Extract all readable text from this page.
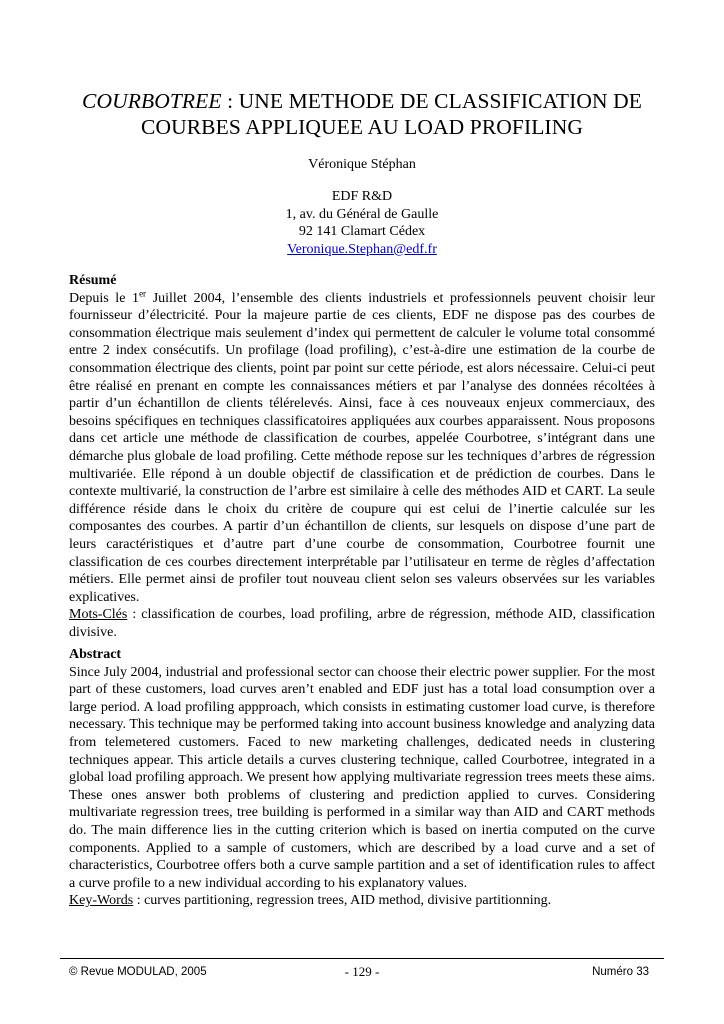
COURBOTREE : UNE METHODE DE CLASSIFICATION DE
COURBES APPLIQUEE AU LOAD PROFILING
Véronique Stéphan
EDF R&D
1, av. du Général de Gaulle
92 141 Clamart Cédex
Veronique.Stephan@edf.fr
Résumé

Depuis le 1er Juillet 2004, l’ensemble des clients industriels et professionnels peuvent choisir leur fournisseur d’électricité. Pour la majeure partie de ces clients, EDF ne dispose pas des courbes de consommation électrique mais seulement d’index qui permettent de calculer le volume total consommé entre 2 index consécutifs. Un profilage (load profiling), c’est-à-dire une estimation de la courbe de consommation électrique des clients, point par point sur cette période, est alors nécessaire. Celui-ci peut être réalisé en prenant en compte les connaissances métiers et par l’analyse des données récoltées à partir d’un échantillon de clients télérelevés. Ainsi, face à ces nouveaux enjeux commerciaux, des besoins spécifiques en techniques classificatoires appliquées aux courbes apparaissent. Nous proposons dans cet article une méthode de classification de courbes, appelée Courbotree, s’intégrant dans une démarche plus globale de load profiling. Cette méthode repose sur les techniques d’arbres de régression multivariée. Elle répond à un double objectif de classification et de prédiction de courbes. Dans le contexte multivarié, la construction de l’arbre est similaire à celle des méthodes AID et CART. La seule différence réside dans le choix du critère de coupure qui est celui de l’inertie calculée sur les composantes des courbes. A partir d’un échantillon de clients, sur lesquels on dispose d’une part de leurs caractéristiques et d’autre part d’une courbe de consommation, Courbotree fournit une classification de ces courbes directement interprétable par l’utilisateur en terme de règles d’affectation métiers. Elle permet ainsi de profiler tout nouveau client selon ses valeurs observées sur les variables explicatives.

Mots-Clés : classification de courbes, load profiling, arbre de régression, méthode AID, classification divisive.

Abstract

Since July 2004, industrial and professional sector can choose their electric power supplier. For the most part of these customers, load curves aren’t enabled and EDF just has a total load consumption over a large period. A load profiling appproach, which consists in estimating customer load curve, is therefore necessary. This technique may be performed taking into account business knowledge and analyzing data from telemetered customers. Faced to new marketing challenges, dedicated needs in clustering techniques appear. This article details a curves clustering technique, called Courbotree, integrated in a global load profiling approach. We present how applying multivariate regression trees meets these aims. These ones answer both problems of clustering and prediction applied to curves. Considering multivariate regression trees, tree building is performed in a similar way than AID and CART methods do. The main difference lies in the cutting criterion which is based on inertia computed on the curve components. Applied to a sample of customers, which are described by a load curve and a set of characteristics, Courbotree offers both a curve sample partition and a set of identification rules to affect a curve profile to a new individual according to his explanatory values.

Key-Words : curves partitioning, regression trees, AID method, divisive partitionning.

© Revue MODULAD, 2005	- 129 -	Numéro 33
